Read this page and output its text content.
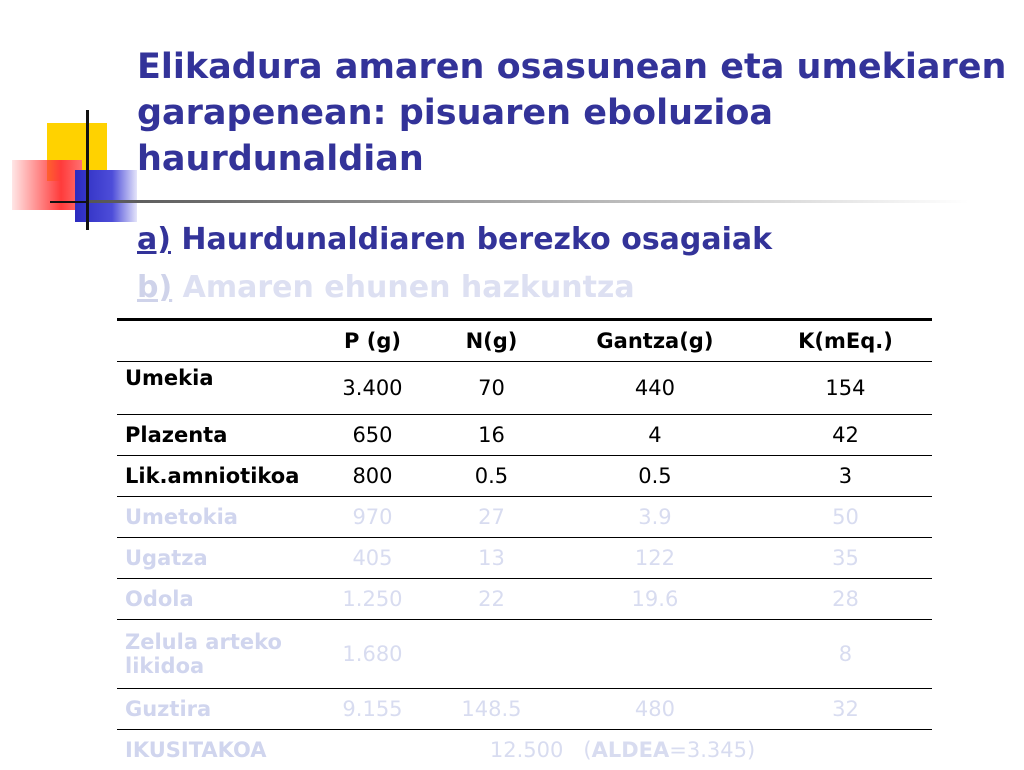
Elikadura amaren osasunean eta umekiaren garapenean: pisuaren eboluzioa haurdunaldian
a) Haurdunaldiaren berezko osagaiak
b) Amaren ehunen hazkuntza
	P (g)	N(g)	Gantza(g)	K(mEq.)
Umekia	3.400	70	440	154
Plazenta	650	16	4	42
Lik.amniotikoa	800	0.5	0.5	3
Umetokia	970	27	3.9	50
Ugatza	405	13	122	35
Odola	1.250	22	19.6	28
Zelula arteko likidoa	1.680			8
Guztira	9.155	148.5	480	32
IKUSITAKOA	12.500 (ALDEA=3.345)			
